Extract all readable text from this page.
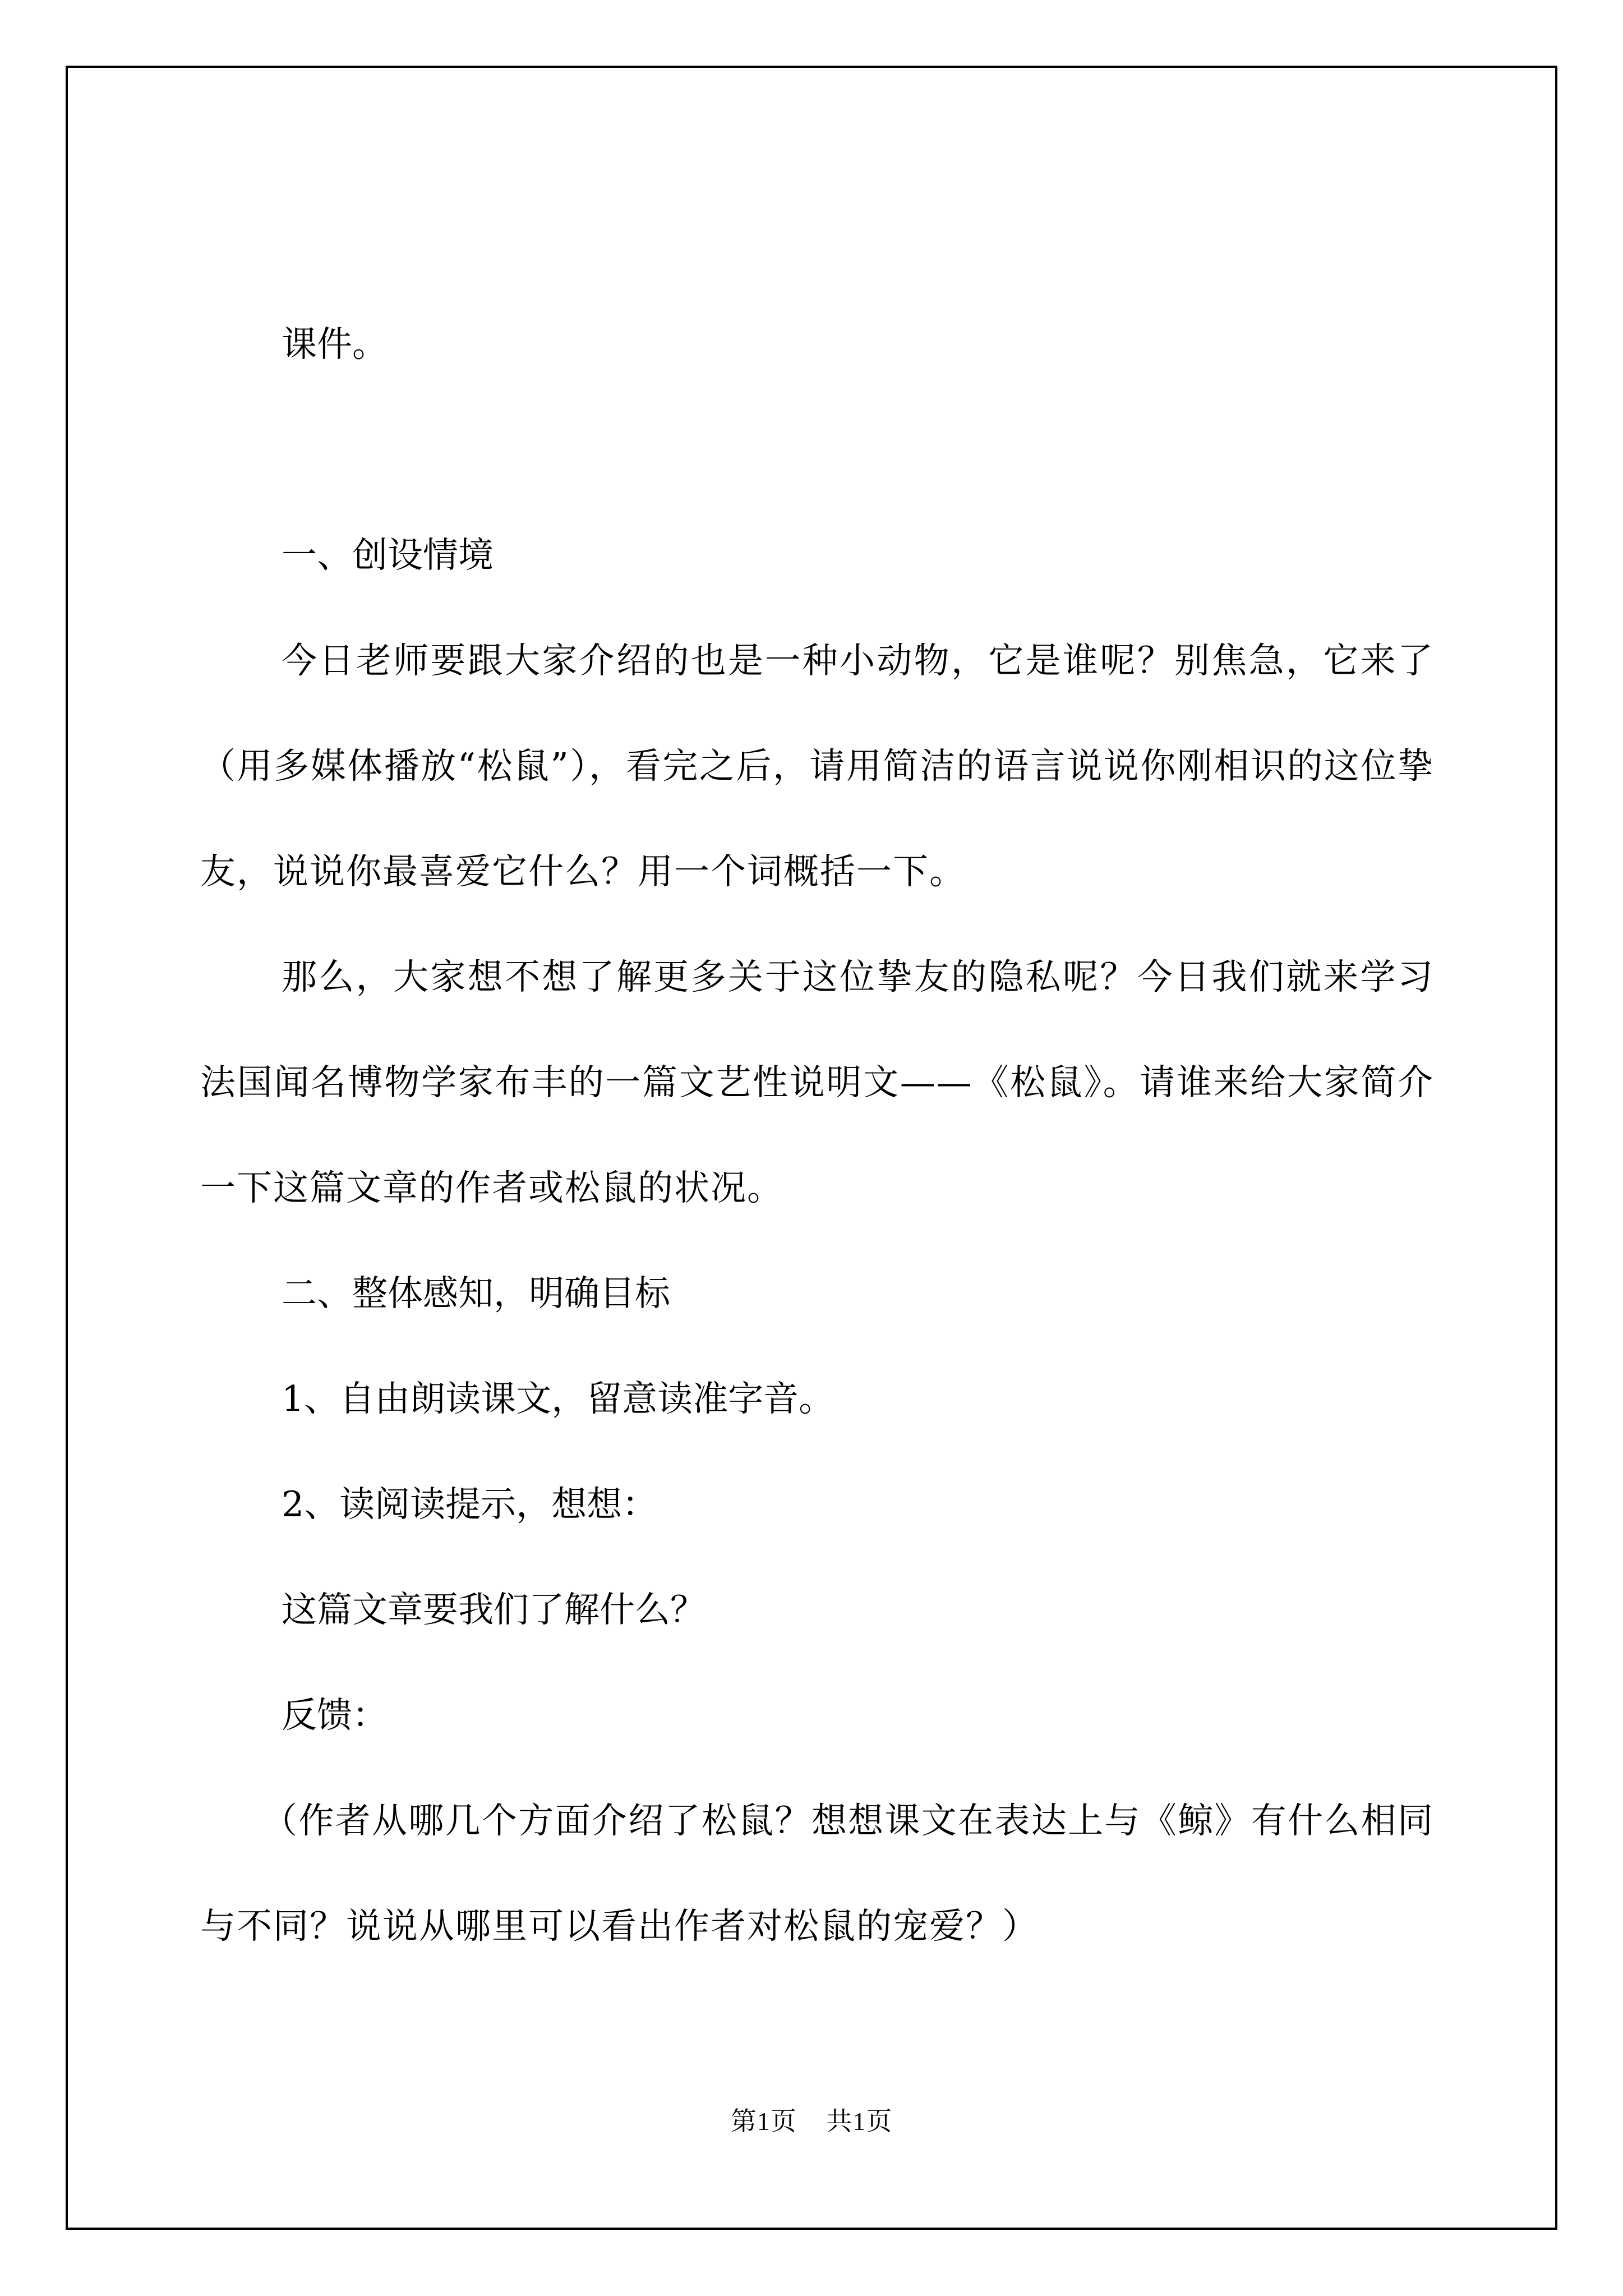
课件。

一、创设情境

今日老师要跟大家介绍的也是一种小动物，它是谁呢？别焦急，它来了（用多媒体播放“松鼠”），看完之后，请用简洁的语言说说你刚相识的这位挚友，说说你最喜爱它什么？用一个词概括一下。

那么，大家想不想了解更多关于这位挚友的隐私呢？今日我们就来学习法国闻名博物学家布丰的一篇文艺性说明文——《松鼠》。请谁来给大家简介一下这篇文章的作者或松鼠的状况。

二、整体感知，明确目标

1、自由朗读课文，留意读准字音。

2、读阅读提示，想想：

这篇文章要我们了解什么？

反馈：

（作者从哪几个方面介绍了松鼠？想想课文在表达上与《鲸》有什么相同与不同？说说从哪里可以看出作者对松鼠的宠爱？）

第1页 共1页
